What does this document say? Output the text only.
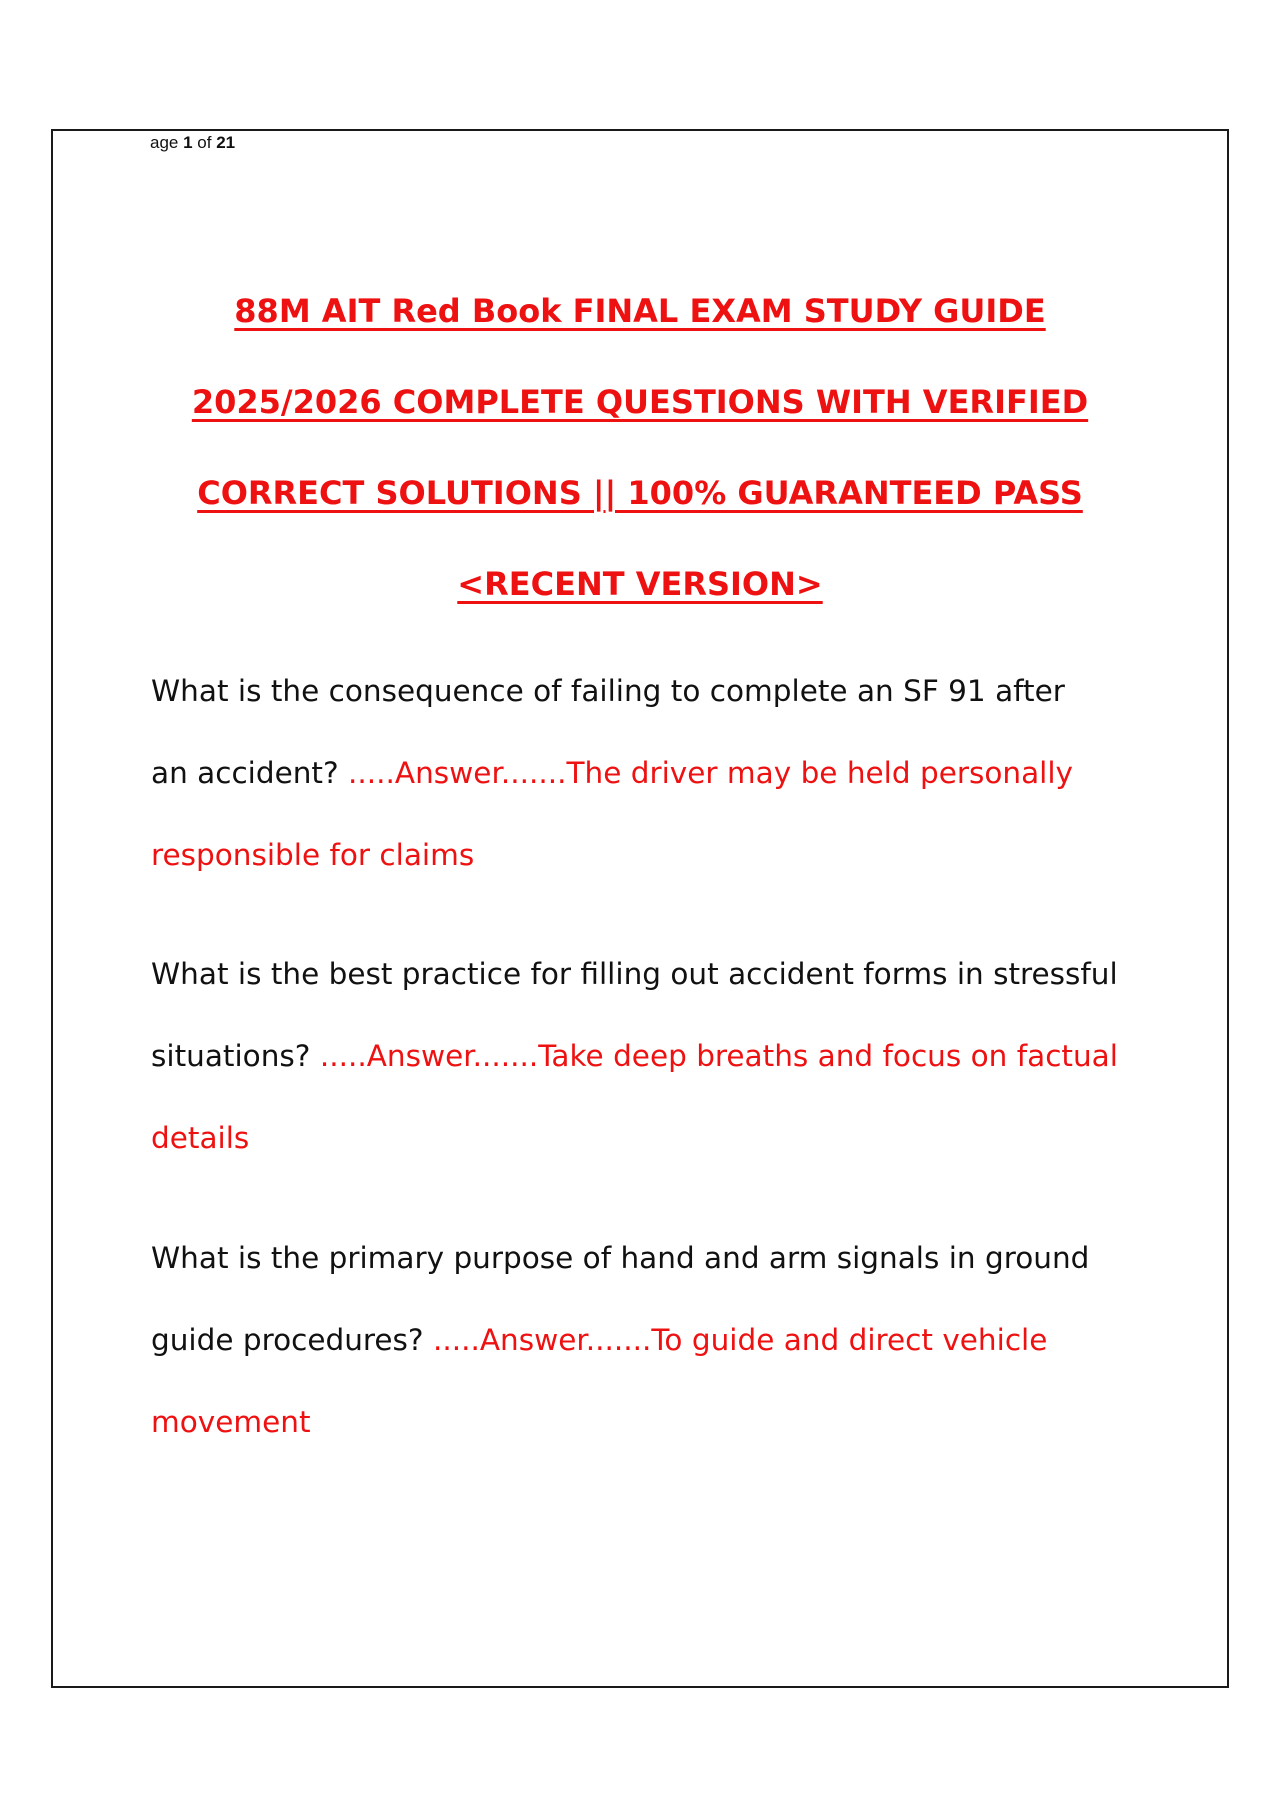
age 1 of 21
88M AIT Red Book FINAL EXAM STUDY GUIDE
2025/2026 COMPLETE QUESTIONS WITH VERIFIED
CORRECT SOLUTIONS || 100% GUARANTEED PASS
<RECENT VERSION>
What is the consequence of failing to complete an SF 91 after
an accident? .....Answer.......The driver may be held personally
responsible for claims
What is the best practice for filling out accident forms in stressful
situations? .....Answer.......Take deep breaths and focus on factual
details
What is the primary purpose of hand and arm signals in ground
guide procedures? .....Answer.......To guide and direct vehicle
movement
